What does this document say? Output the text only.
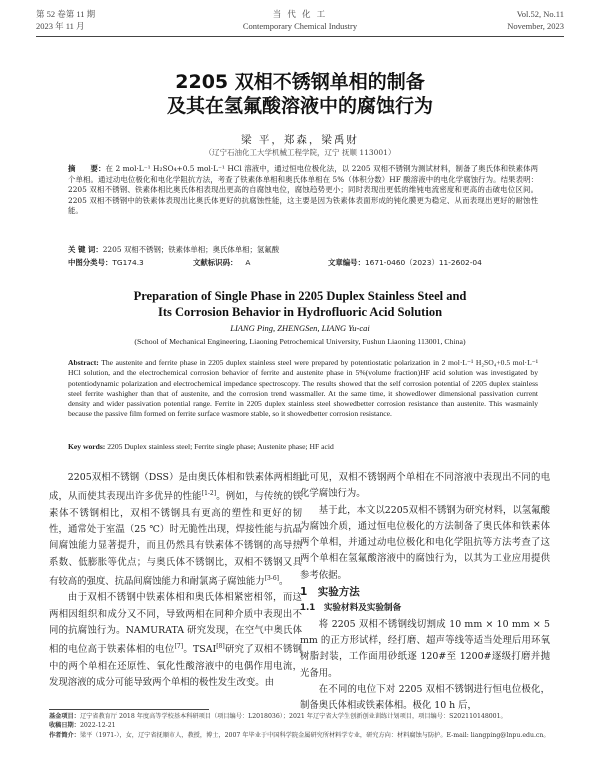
第 52 卷第 11 期
2023 年 11 月
当 代 化 工
Contemporary Chemical Industry
Vol.52, No.11
November, 2023
2205 双相不锈钢单相的制备
及其在氢氟酸溶液中的腐蚀行为
梁 平，郑森，梁禹财
（辽宁石油化工大学机械工程学院，辽宁 抚顺 113001）
摘　　要：在 2 mol·L⁻¹ H₂SO₄+0.5 mol·L⁻¹ HCl 溶液中，通过恒电位极化法，以 2205 双相不锈钢为测试材料，制备了奥氏体和铁素体两个单相。通过动电位极化和电化学阻抗方法，考查了铁素体单相和奥氏体单相在 5%（体积分数）HF 酸溶液中的电化学腐蚀行为。结果表明：2205 双相不锈钢、铁素体相比奥氏体相表现出更高的自腐蚀电位，腐蚀趋势更小；同时表现出更低的维钝电流密度和更高的击破电位区间。2205 双相不锈钢中的铁素体表现出比奥氏体更好的抗腐蚀性能，这主要是因为铁素体表面形成的钝化膜更为稳定、从而表现出更好的耐蚀性能。
关 键 词：2205 双相不锈钢；铁素体单相；奥氏体单相；氢氟酸
中图分类号：TG174.3	文献标识码： A	文章编号：1671-0460（2023）11-2602-04
Preparation of Single Phase in 2205 Duplex Stainless Steel and
Its Corrosion Behavior in Hydrofluoric Acid Solution
LIANG Ping, ZHENGSen, LIANG Yu-cai
(School of Mechanical Engineering, Liaoning Petrochemical University, Fushun Liaoning 113001, China)
Abstract: The austenite and ferrite phase in 2205 duplex stainless steel were prepared by potentiostatic polarization in 2 mol·L⁻¹ H₂SO₄+0.5 mol·L⁻¹ HCl solution, and the electrochemical corrosion behavior of ferrite and austenite phase in 5%(volume fraction)HF acid solution was investigated by potentiodynamic polarization and electrochemical impedance spectroscopy. The results showed that the self corrosion potential of 2205 duplex stainless steel ferrite washigher than that of austenite, and the corrosion trend wassmaller. At the same time, it showedlower dimensional passivation current density and wider passivation potential range. Ferrite in 2205 duplex stainless steel showedbetter corrosion resistance than austenite. This wasmainly because the passive film formed on ferrite surface wasmore stable, so it showedbetter corrosion resistance.
Key words: 2205 Duplex stainless steel; Ferrite single phase; Austenite phase; HF acid

2205双相不锈钢（DSS）是由奥氏体相和铁素体两相组成，从而使其表现出许多优异的性能[1-2]。例如，与传统的铁素体不锈钢相比，双相不锈钢具有更高的塑性和更好的韧性，通常处于室温（25 ℃）时无脆性出现，焊接性能与抗晶间腐蚀能力显著提升，而且仍然具有铁素体不锈钢的高导热系数、低膨胀等优点；与奥氏体不锈钢比，双相不锈钢又具有较高的强度、抗晶间腐蚀能力和耐氯离子腐蚀能力[3-6]。

由于双相不锈钢中铁素体相和奥氏体相紧密相邻，而这两相因组织和成分又不同，导致两相在同种介质中表现出不同的抗腐蚀行为。NAMURATA 研究发现，在空气中奥氏体相的电位高于铁素体相的电位[7]。TSAI[8]研究了双相不锈钢中的两个单相在还原性、氧化性酸溶液中的电偶作用电流，发现溶液的成分可能导致两个单相的极性发生改变。由

此可见，双相不锈钢两个单相在不同溶液中表现出不同的电化学腐蚀行为。

基于此，本文以2205双相不锈钢为研究材料，以氢氟酸为腐蚀介质，通过恒电位极化的方法制备了奥氏体和铁素体两个单相，并通过动电位极化和电化学阻抗等方法考查了这两个单相在氢氟酸溶液中的腐蚀行为，以其为工业应用提供参考依据。

1　实验方法

1.1　实验材料及实验制备

将 2205 双相不锈钢线切割成 10 mm × 10 mm × 5 mm 的正方形试样，经打磨、超声等线等适当处理后用环氧树脂封装，工作面用砂纸逐 120#至 1200#逐级打磨并抛光备用。

在不同的电位下对 2205 双相不锈钢进行恒电位极化，制备奥氏体相或铁素体相。极化 10 h 后，

基金项目：辽宁省教育厅 2018 年度高等学校基本科研项目（项目编号：L2018036）；2021 年辽宁省大学生创新创业训练计划项目，项目编号：S202110148001。
收稿日期：2022-12-21
作者简介：梁平（1971-），女，辽宁省抚顺市人，教授，博士，2007 年毕业于中国科学院金属研究所材料学专业，研究方向：材料腐蚀与防护。E-mail: liangping@lnpu.edu.cn。
